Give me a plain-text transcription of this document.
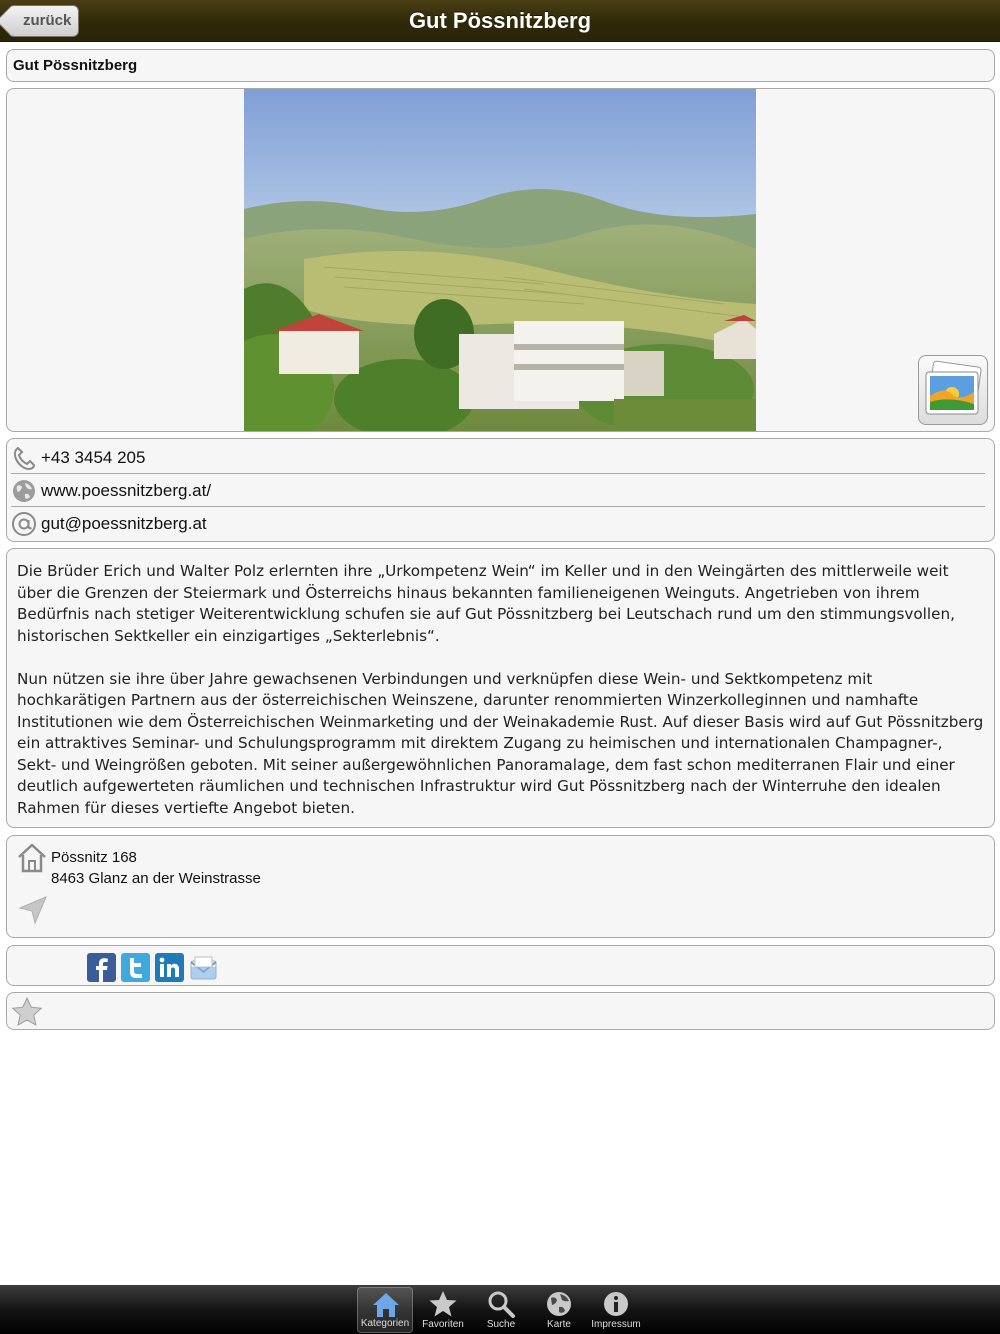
Gut Pössnitzberg
zurück
Gut Pössnitzberg
+43 3454 205
www.poessnitzberg.at/
gut@poessnitzberg.at

Die Brüder Erich und Walter Polz erlernten ihre „Urkompetenz Wein“ im Keller und in den Weingärten des mittlerweile weit über die Grenzen der Steiermark und Österreichs hinaus bekannten familieneigenen Weinguts. Angetrieben von ihrem Bedürfnis nach stetiger Weiterentwicklung schufen sie auf Gut Pössnitzberg bei Leutschach rund um den stimmungsvollen, historischen Sektkeller ein einzigartiges „Sekterlebnis“.

Nun nützen sie ihre über Jahre gewachsenen Verbindungen und verknüpfen diese Wein- und Sektkompetenz mit hochkarätigen Partnern aus der österreichischen Weinszene, darunter renommierten Winzerkolleginnen und namhafte Institutionen wie dem Österreichischen Weinmarketing und der Weinakademie Rust. Auf dieser Basis wird auf Gut Pössnitzberg ein attraktives Seminar- und Schulungsprogramm mit direktem Zugang zu heimischen und internationalen Champagner-, Sekt- und Weingrößen geboten. Mit seiner außergewöhnlichen Panoramalage, dem fast schon mediterranen Flair und einer deutlich aufgewerteten räumlichen und technischen Infrastruktur wird Gut Pössnitzberg nach der Winterruhe den idealen Rahmen für dieses vertiefte Angebot bieten.

Pössnitz 168
8463 Glanz an der Weinstrasse
Kategorien	Favoriten	Suche	Karte	Impressum
